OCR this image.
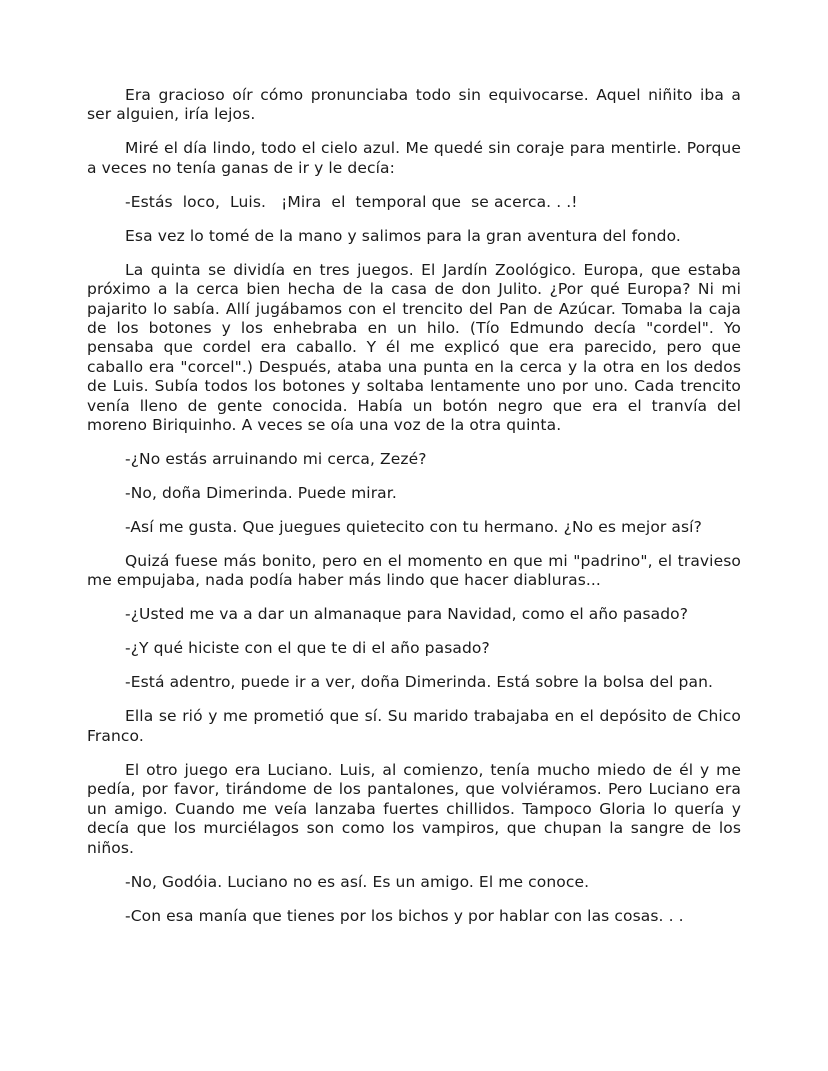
Era gracioso oír cómo pronunciaba todo sin equivocarse. Aquel niñito iba a ser alguien, iría lejos.

Miré el día lindo, todo el cielo azul. Me quedé sin coraje para mentirle. Porque a veces no tenía ganas de ir y le decía:

-Estás  loco,  Luis.   ¡Mira  el  temporal que  se acerca. . .!

Esa vez lo tomé de la mano y salimos para la gran aventura del fondo.

La quinta se dividía en tres juegos. El Jardín Zoológico. Europa, que estaba próximo a la cerca bien hecha de la casa de don Julito. ¿Por qué Europa? Ni mi pajarito lo sabía. Allí jugábamos con el trencito del Pan de Azúcar. Tomaba la caja de los botones y los enhebraba en un hilo. (Tío Edmundo decía "cordel". Yo pensaba que cordel era caballo. Y él me explicó que era parecido, pero que caballo era "corcel".) Después, ataba una punta en la cerca y la otra en los dedos de Luis. Subía todos los botones y soltaba lentamente uno por uno. Cada trencito venía lleno de gente conocida. Había un botón negro que era el tranvía del moreno Biriquinho. A veces se oía una voz de la otra quinta.

-¿No estás arruinando mi cerca, Zezé?

-No, doña Dimerinda. Puede mirar.

-Así me gusta. Que juegues quietecito con tu hermano. ¿No es mejor así?

Quizá fuese más bonito, pero en el momento en que mi "padrino", el travieso me empujaba, nada podía haber más lindo que hacer diabluras...

-¿Usted me va a dar un almanaque para Navidad, como el año pasado?

-¿Y qué hiciste con el que te di el año pasado?

-Está adentro, puede ir a ver, doña Dimerinda. Está sobre la bolsa del pan.

Ella se rió y me prometió que sí. Su marido trabajaba en el depósito de Chico Franco.

El otro juego era Luciano. Luis, al comienzo, tenía mucho miedo de él y me pedía, por favor, tirándome de los pantalones, que volviéramos. Pero Luciano era un amigo. Cuando me veía lanzaba fuertes chillidos. Tampoco Gloria lo quería y decía que los murciélagos son como los vampiros, que chupan la sangre de los niños.

-No, Godóia. Luciano no es así. Es un amigo. El me conoce.

-Con esa manía que tienes por los bichos y por hablar con las cosas. . .
